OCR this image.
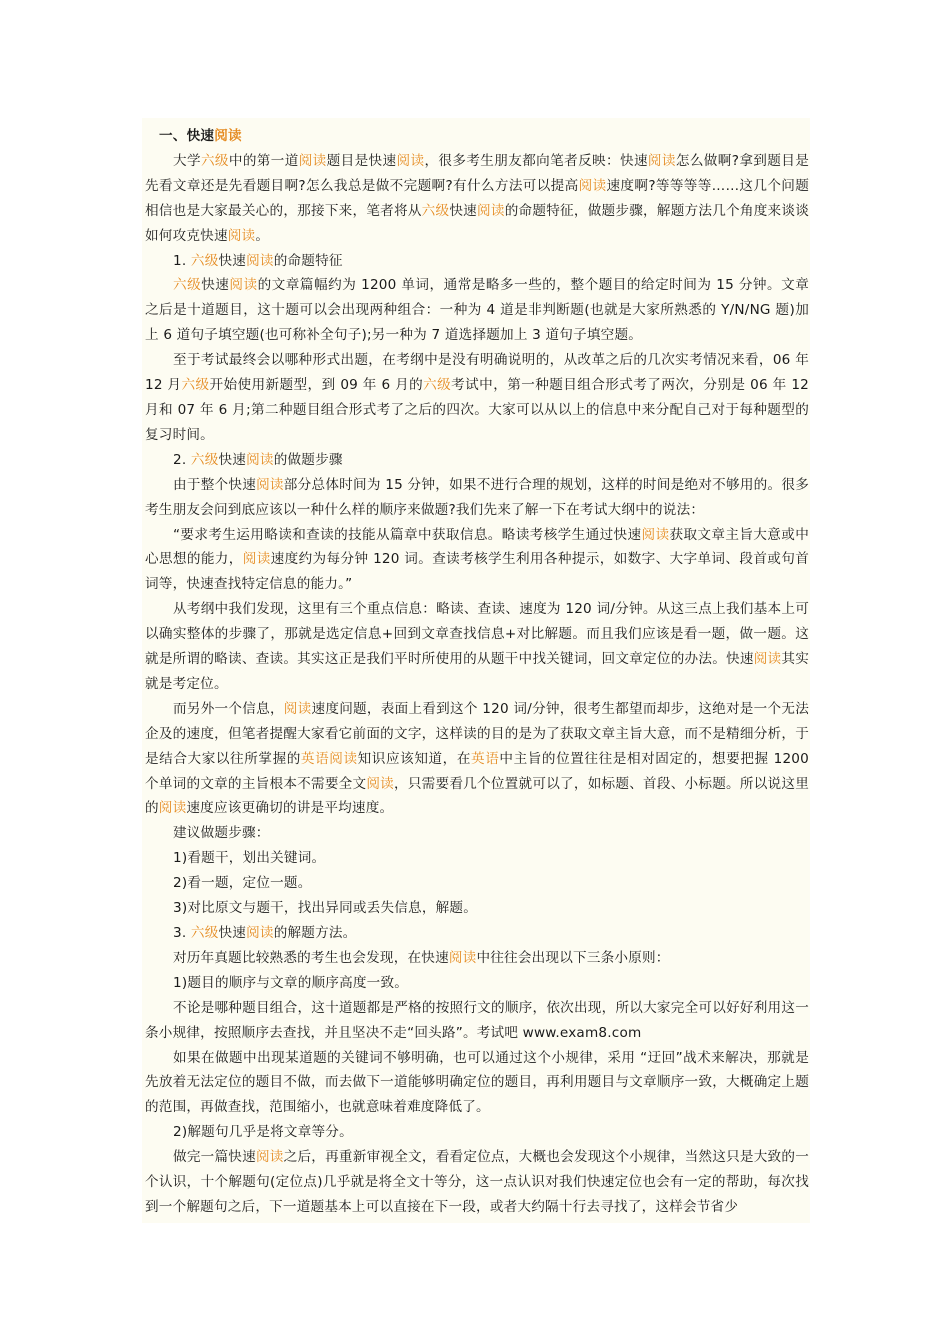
一、快速阅读

大学六级中的第一道阅读题目是快速阅读，很多考生朋友都向笔者反映：快速阅读怎么做啊?拿到题目是先看文章还是先看题目啊?怎么我总是做不完题啊?有什么方法可以提高阅读速度啊?等等等等……这几个问题相信也是大家最关心的，那接下来，笔者将从六级快速阅读的命题特征，做题步骤，解题方法几个角度来谈谈如何攻克快速阅读。

1. 六级快速阅读的命题特征

六级快速阅读的文章篇幅约为 1200 单词，通常是略多一些的，整个题目的给定时间为 15 分钟。文章之后是十道题目，这十题可以会出现两种组合：一种为 4 道是非判断题(也就是大家所熟悉的 Y/N/NG 题)加上 6 道句子填空题(也可称补全句子);另一种为 7 道选择题加上 3 道句子填空题。

至于考试最终会以哪种形式出题，在考纲中是没有明确说明的，从改革之后的几次实考情况来看，06 年 12 月六级开始使用新题型，到 09 年 6 月的六级考试中，第一种题目组合形式考了两次，分别是 06 年 12 月和 07 年 6 月;第二种题目组合形式考了之后的四次。大家可以从以上的信息中来分配自己对于每种题型的复习时间。

2. 六级快速阅读的做题步骤

由于整个快速阅读部分总体时间为 15 分钟，如果不进行合理的规划，这样的时间是绝对不够用的。很多考生朋友会问到底应该以一种什么样的顺序来做题?我们先来了解一下在考试大纲中的说法：

“要求考生运用略读和查读的技能从篇章中获取信息。略读考核学生通过快速阅读获取文章主旨大意或中心思想的能力，阅读速度约为每分钟 120 词。查读考核学生利用各种提示，如数字、大字单词、段首或句首词等，快速查找特定信息的能力。”

从考纲中我们发现，这里有三个重点信息：略读、查读、速度为 120 词/分钟。从这三点上我们基本上可以确实整体的步骤了，那就是选定信息+回到文章查找信息+对比解题。而且我们应该是看一题，做一题。这就是所谓的略读、查读。其实这正是我们平时所使用的从题干中找关键词，回文章定位的办法。快速阅读其实就是考定位。

而另外一个信息，阅读速度问题，表面上看到这个 120 词/分钟，很考生都望而却步，这绝对是一个无法企及的速度，但笔者提醒大家看它前面的文字，这样读的目的是为了获取文章主旨大意，而不是精细分析，于是结合大家以往所掌握的英语阅读知识应该知道，在英语中主旨的位置往往是相对固定的，想要把握 1200 个单词的文章的主旨根本不需要全文阅读，只需要看几个位置就可以了，如标题、首段、小标题。所以说这里的阅读速度应该更确切的讲是平均速度。

建议做题步骤：

1)看题干，划出关键词。

2)看一题，定位一题。

3)对比原文与题干，找出异同或丢失信息，解题。

3. 六级快速阅读的解题方法。

对历年真题比较熟悉的考生也会发现，在快速阅读中往往会出现以下三条小原则：

1)题目的顺序与文章的顺序高度一致。

不论是哪种题目组合，这十道题都是严格的按照行文的顺序，依次出现，所以大家完全可以好好利用这一条小规律，按照顺序去查找，并且坚决不走“回头路”。考试吧 www.exam8.com

如果在做题中出现某道题的关键词不够明确，也可以通过这个小规律，采用 “迂回”战术来解决，那就是先放着无法定位的题目不做，而去做下一道能够明确定位的题目，再利用题目与文章顺序一致，大概确定上题的范围，再做查找，范围缩小，也就意味着难度降低了。

2)解题句几乎是将文章等分。

做完一篇快速阅读之后，再重新审视全文，看看定位点，大概也会发现这个小规律，当然这只是大致的一个认识，十个解题句(定位点)几乎就是将全文十等分，这一点认识对我们快速定位也会有一定的帮助，每次找到一个解题句之后，下一道题基本上可以直接在下一段，或者大约隔十行去寻找了，这样会节省少
